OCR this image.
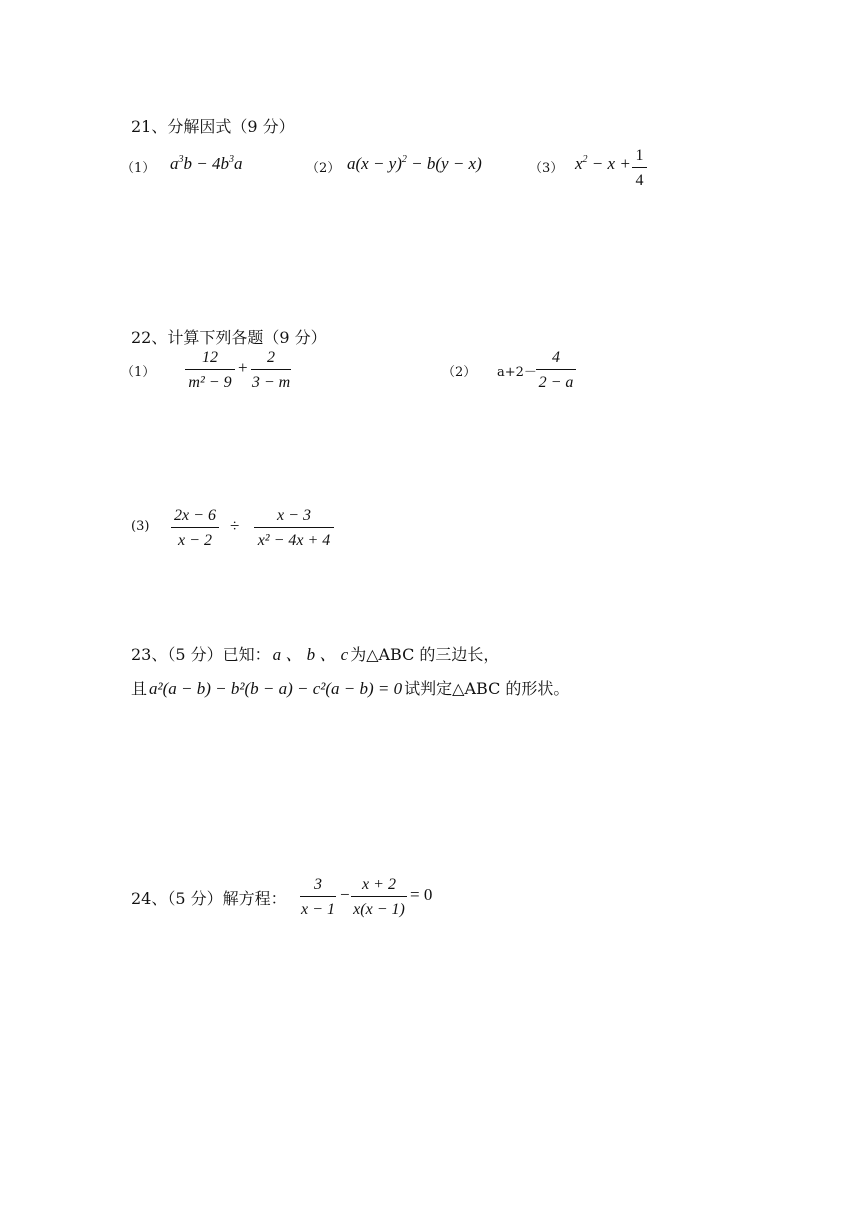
21、分解因式（9 分）
（1） $a^3b - 4b^3a$	（2） $a(x - y)^2 - b(y - x)$	（3） $x^2 - x + 1$
4
22、计算下列各题（9 分）
（1）
12
m² − 9
+
2
3 − m
（2） a+2－
4
2 − a
(3)
2x − 6
x − 2
÷
x − 3
x² − 4x + 4
23、（5 分）已知： a 、 b 、 c 为△ABC 的三边长，
且 a²(a − b) − b²(b − a) − c²(a − b) = 0 试判定△ABC 的形状。
24、（5 分）解方程：
3
x − 1
−
x + 2
x(x − 1)
= 0
